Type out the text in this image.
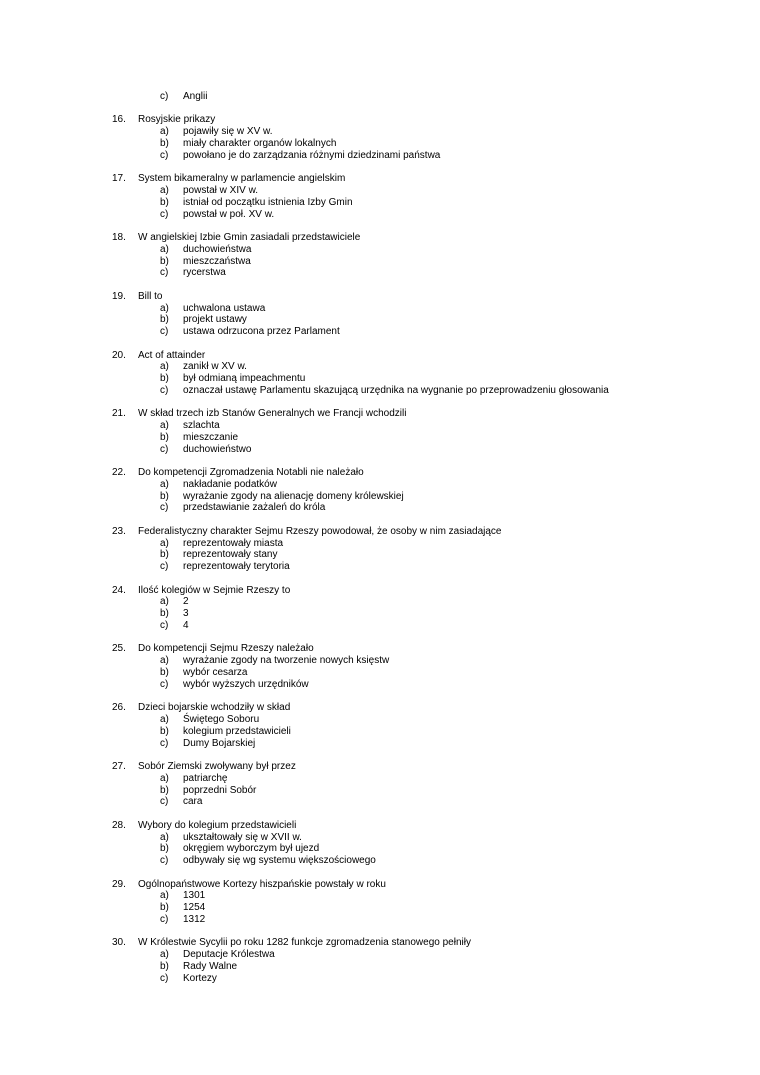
c) Anglii
16.	Rosyjskie prikazy
a) pojawiły się w XV w.
b) miały charakter organów lokalnych
c) powołano je do zarządzania różnymi dziedzinami państwa
17.	System bikameralny w parlamencie angielskim
a) powstał w XIV w.
b) istniał od początku istnienia Izby Gmin
c) powstał w poł. XV w.
18.	W angielskiej Izbie Gmin zasiadali przedstawiciele
a) duchowieństwa
b) mieszczaństwa
c) rycerstwa
19.	Bill to
a) uchwalona ustawa
b) projekt ustawy
c) ustawa odrzucona przez Parlament
20.	Act of attainder
a) zanikł w XV w.
b) był odmianą impeachmentu
c) oznaczał ustawę Parlamentu skazującą urzędnika na wygnanie po przeprowadzeniu głosowania
21.	W skład trzech izb Stanów Generalnych we Francji wchodzili
a) szlachta
b) mieszczanie
c) duchowieństwo
22.	Do kompetencji Zgromadzenia Notabli nie należało
a) nakładanie podatków
b) wyrażanie zgody na alienację domeny królewskiej
c) przedstawianie zażaleń do króla
23.	Federalistyczny charakter Sejmu Rzeszy powodował, że osoby w nim zasiadające
a) reprezentowały miasta
b) reprezentowały stany
c) reprezentowały terytoria
24.	Ilość kolegiów w Sejmie Rzeszy to
a) 2
b) 3
c) 4
25.	Do kompetencji Sejmu Rzeszy należało
a) wyrażanie zgody na tworzenie nowych księstw
b) wybór cesarza
c) wybór wyższych urzędników
26.	Dzieci bojarskie wchodziły w skład
a) Świętego Soboru
b) kolegium przedstawicieli
c) Dumy Bojarskiej
27.	Sobór Ziemski zwoływany był przez
a) patriarchę
b) poprzedni Sobór
c) cara
28.	Wybory do kolegium przedstawicieli
a) ukształtowały się w XVII w.
b) okręgiem wyborczym był ujezd
c) odbywały się wg systemu większościowego
29.	Ogólnopaństwowe Kortezy hiszpańskie powstały w roku
a) 1301
b) 1254
c) 1312
30.	W Królestwie Sycylii po roku 1282 funkcje zgromadzenia stanowego pełniły
a) Deputacje Królestwa
b) Rady Walne
c) Kortezy
